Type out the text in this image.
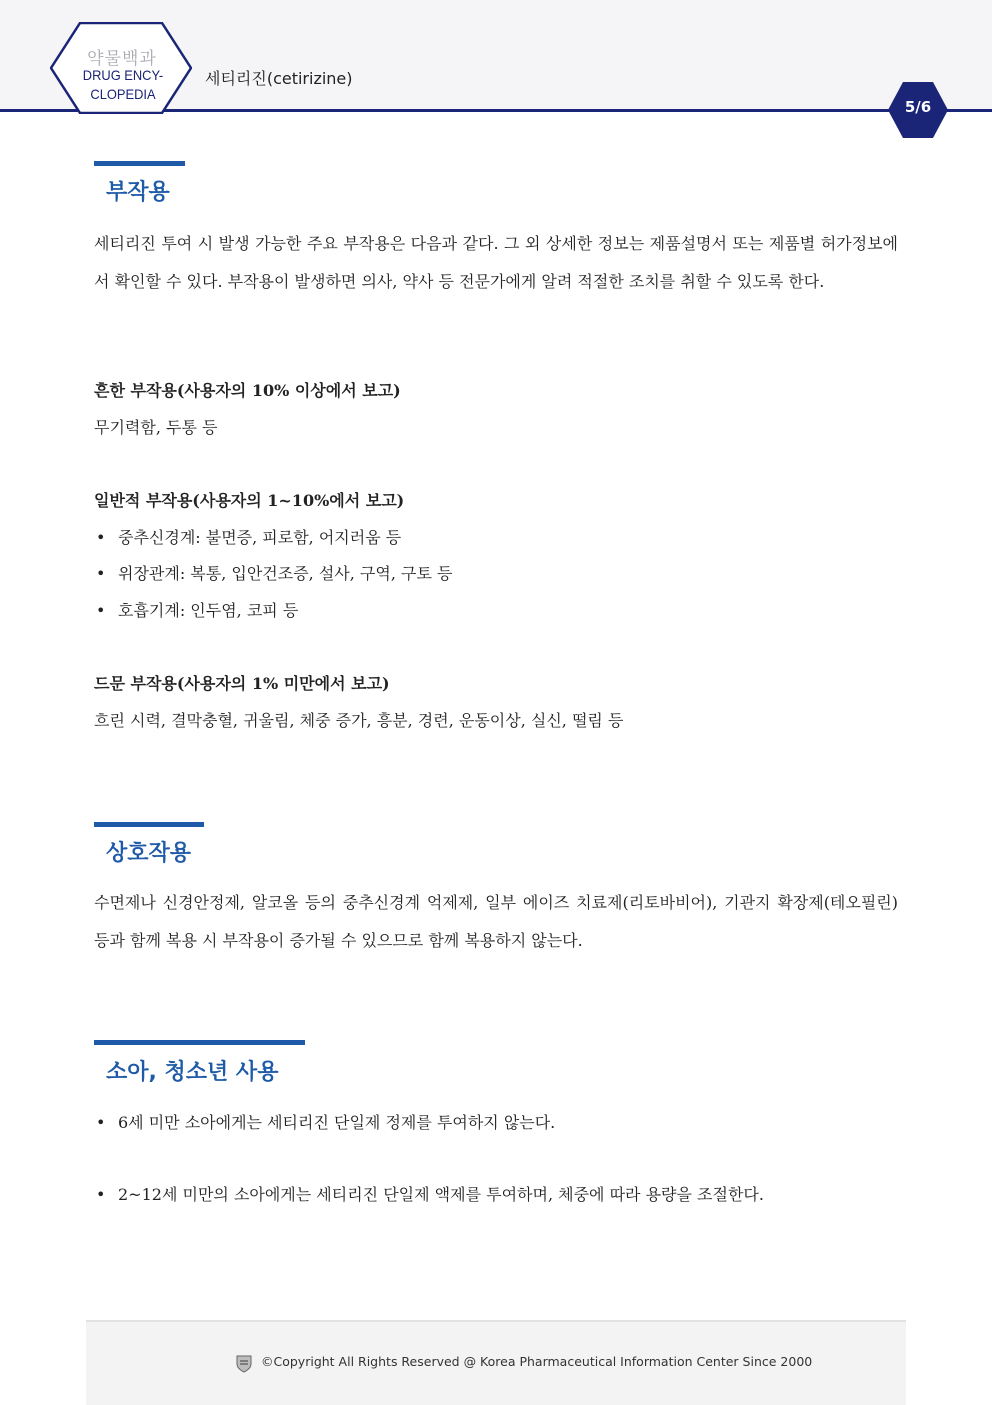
약물백과
DRUG ENCY-
CLOPEDIA
세티리진(cetirizine)
5/6
부작용

세티리진 투여 시 발생 가능한 주요 부작용은 다음과 같다. 그 외 상세한 정보는 제품설명서 또는 제품별 허가정보에서 확인할 수 있다. 부작용이 발생하면 의사, 약사 등 전문가에게 알려 적절한 조치를 취할 수 있도록 한다.

흔한 부작용(사용자의 10% 이상에서 보고)
무기력함, 두통 등
일반적 부작용(사용자의 1~10%에서 보고)
• 중추신경계: 불면증, 피로함, 어지러움 등
• 위장관계: 복통, 입안건조증, 설사, 구역, 구토 등
• 호흡기계: 인두염, 코피 등
드문 부작용(사용자의 1% 미만에서 보고)
흐린 시력, 결막충혈, 귀울림, 체중 증가, 흥분, 경련, 운동이상, 실신, 떨림 등
상호작용

수면제나 신경안정제, 알코올 등의 중추신경계 억제제, 일부 에이즈 치료제(리토바비어), 기관지 확장제(테오필린) 등과 함께 복용 시 부작용이 증가될 수 있으므로 함께 복용하지 않는다.

소아, 청소년 사용
• 6세 미만 소아에게는 세티리진 단일제 정제를 투여하지 않는다.
• 2~12세 미만의 소아에게는 세티리진 단일제 액제를 투여하며, 체중에 따라 용량을 조절한다.
©Copyright All Rights Reserved @ Korea Pharmaceutical Information Center Since 2000
